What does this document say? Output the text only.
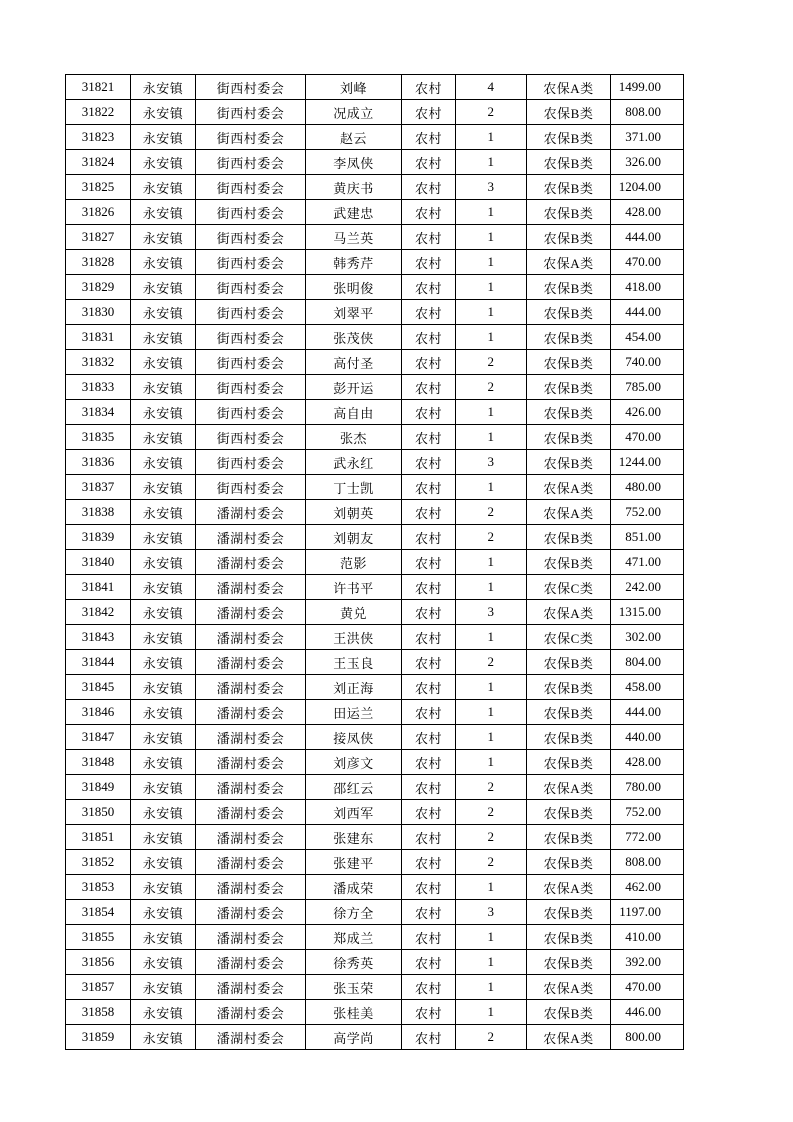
31821	永安镇	街西村委会	刘峰	农村	4	农保A类	1499.00
31822	永安镇	街西村委会	况成立	农村	2	农保B类	808.00
31823	永安镇	街西村委会	赵云	农村	1	农保B类	371.00
31824	永安镇	街西村委会	李凤侠	农村	1	农保B类	326.00
31825	永安镇	街西村委会	黄庆书	农村	3	农保B类	1204.00
31826	永安镇	街西村委会	武建忠	农村	1	农保B类	428.00
31827	永安镇	街西村委会	马兰英	农村	1	农保B类	444.00
31828	永安镇	街西村委会	韩秀芹	农村	1	农保A类	470.00
31829	永安镇	街西村委会	张明俊	农村	1	农保B类	418.00
31830	永安镇	街西村委会	刘翠平	农村	1	农保B类	444.00
31831	永安镇	街西村委会	张茂侠	农村	1	农保B类	454.00
31832	永安镇	街西村委会	高付圣	农村	2	农保B类	740.00
31833	永安镇	街西村委会	彭开运	农村	2	农保B类	785.00
31834	永安镇	街西村委会	高自由	农村	1	农保B类	426.00
31835	永安镇	街西村委会	张杰	农村	1	农保B类	470.00
31836	永安镇	街西村委会	武永红	农村	3	农保B类	1244.00
31837	永安镇	街西村委会	丁士凯	农村	1	农保A类	480.00
31838	永安镇	潘湖村委会	刘朝英	农村	2	农保A类	752.00
31839	永安镇	潘湖村委会	刘朝友	农村	2	农保B类	851.00
31840	永安镇	潘湖村委会	范影	农村	1	农保B类	471.00
31841	永安镇	潘湖村委会	许书平	农村	1	农保C类	242.00
31842	永安镇	潘湖村委会	黄兑	农村	3	农保A类	1315.00
31843	永安镇	潘湖村委会	王洪侠	农村	1	农保C类	302.00
31844	永安镇	潘湖村委会	王玉良	农村	2	农保B类	804.00
31845	永安镇	潘湖村委会	刘正海	农村	1	农保B类	458.00
31846	永安镇	潘湖村委会	田运兰	农村	1	农保B类	444.00
31847	永安镇	潘湖村委会	接凤侠	农村	1	农保B类	440.00
31848	永安镇	潘湖村委会	刘彦文	农村	1	农保B类	428.00
31849	永安镇	潘湖村委会	邵红云	农村	2	农保A类	780.00
31850	永安镇	潘湖村委会	刘西军	农村	2	农保B类	752.00
31851	永安镇	潘湖村委会	张建东	农村	2	农保B类	772.00
31852	永安镇	潘湖村委会	张建平	农村	2	农保B类	808.00
31853	永安镇	潘湖村委会	潘成荣	农村	1	农保A类	462.00
31854	永安镇	潘湖村委会	徐方全	农村	3	农保B类	1197.00
31855	永安镇	潘湖村委会	郑成兰	农村	1	农保B类	410.00
31856	永安镇	潘湖村委会	徐秀英	农村	1	农保B类	392.00
31857	永安镇	潘湖村委会	张玉荣	农村	1	农保A类	470.00
31858	永安镇	潘湖村委会	张桂美	农村	1	农保B类	446.00
31859	永安镇	潘湖村委会	高学尚	农村	2	农保A类	800.00
